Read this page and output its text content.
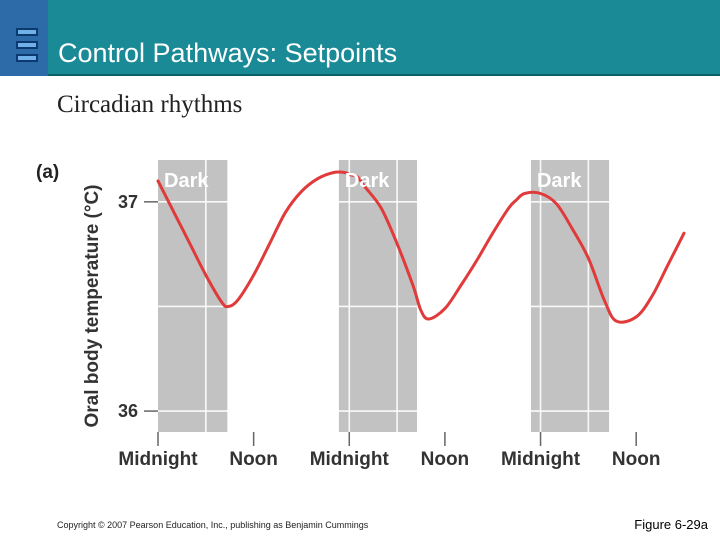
Control Pathways: Setpoints
Circadian rhythms
Dark	Dark	Dark
36
37
Midnight Noon Midnight Noon Midnight Noon
Oral body temperature (°C)
(a)
Copyright © 2007 Pearson Education, Inc., publishing as Benjamin Cummings	Figure 6-29a
